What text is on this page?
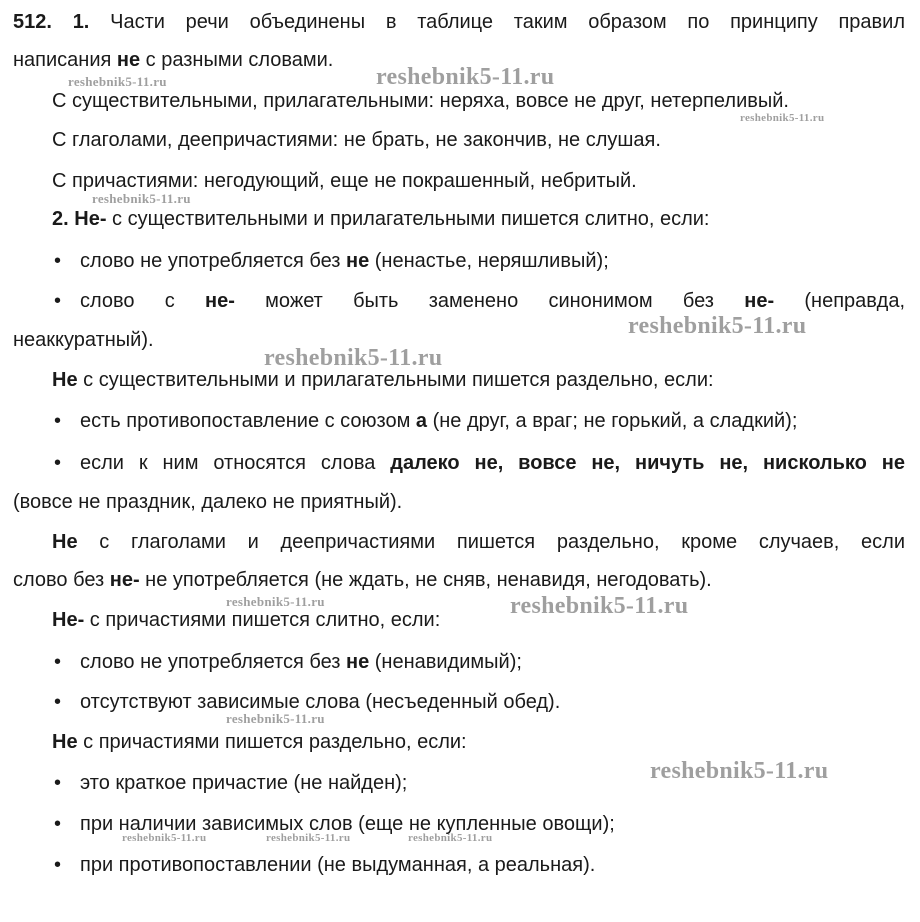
512. 1. Части речи объединены в таблице таким образом по принципу правил
написания не с разными словами.
С существительными, прилагательными: неряха, вовсе не друг, нетерпеливый.
С глаголами, деепричастиями: не брать, не закончив, не слушая.
С причастиями: негодующий, еще не покрашенный, небритый.
2. Не- с существительными и прилагательными пишется слитно, если:
• слово не употребляется без не (ненастье, неряшливый);
• слово с не- может быть заменено синонимом без не- (неправда,
неаккуратный).
Не с существительными и прилагательными пишется раздельно, если:
• есть противопоставление с союзом а (не друг, а враг; не горький, а сладкий);
• если к ним относятся слова далеко не, вовсе не, ничуть не, нисколько не
(вовсе не праздник, далеко не приятный).
Не с глаголами и деепричастиями пишется раздельно, кроме случаев, если
слово без не- не употребляется (не ждать, не сняв, ненавидя, негодовать).
Не- с причастиями пишется слитно, если:
• слово не употребляется без не (ненавидимый);
• отсутствуют зависимые слова (несъеденный обед).
Не с причастиями пишется раздельно, если:
• это краткое причастие (не найден);
• при наличии зависимых слов (еще не купленные овощи);
• при противопоставлении (не выдуманная, а реальная).
reshebnik5-11.ru	reshebnik5-11.ru
reshebnik5-11.ru
reshebnik5-11.ru
reshebnik5-11.ru
reshebnik5-11.ru
reshebnik5-11.ru	reshebnik5-11.ru
reshebnik5-11.ru
reshebnik5-11.ru
reshebnik5-11.ru	reshebnik5-11.ru	reshebnik5-11.ru
